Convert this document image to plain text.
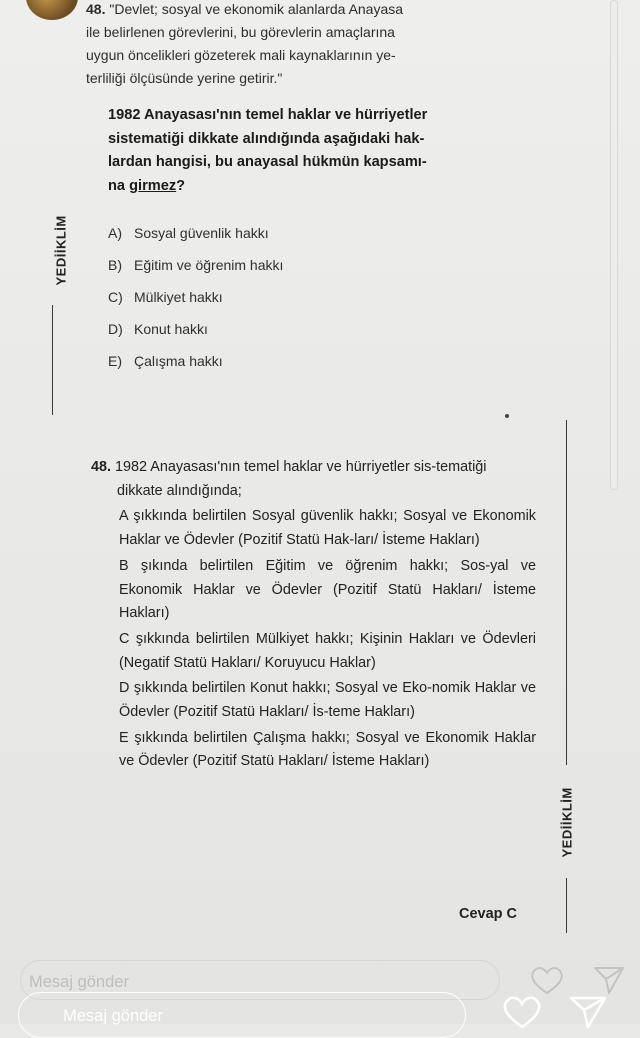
48. "Devlet; sosyal ve ekonomik alanlarda Anayasa

ile belirlenen görevlerini, bu görevlerin amaçlarına

uygun öncelikleri gözeterek mali kaynaklarının ye-

terliliği ölçüsünde yerine getirir."

1982 Anayasası'nın temel haklar ve hürriyetler
sistematiği dikkate alındığında aşağıdaki hak-
lardan hangisi, bu anayasal hükmün kapsamı-
na girmez?
A) Sosyal güvenlik hakkı
B) Eğitim ve öğrenim hakkı
C) Mülkiyet hakkı
D) Konut hakkı
E) Çalışma hakkı
YEDİİKLİM

48. 1982 Anayasası'nın temel haklar ve hürriyetler sis-tematiği dikkate alındığında;

A şıkkında belirtilen Sosyal güvenlik hakkı; Sosyal ve Ekonomik Haklar ve Ödevler (Pozitif Statü Hak-ları/ İsteme Hakları)

B şıkında belirtilen Eğitim ve öğrenim hakkı; Sos-yal ve Ekonomik Haklar ve Ödevler (Pozitif Statü Hakları/ İsteme Hakları)

C şıkkında belirtilen Mülkiyet hakkı; Kişinin Hakları ve Ödevleri (Negatif Statü Hakları/ Koruyucu Haklar)

D şıkkında belirtilen Konut hakkı; Sosyal ve Eko-nomik Haklar ve Ödevler (Pozitif Statü Hakları/ İs-teme Hakları)

E şıkkında belirtilen Çalışma hakkı; Sosyal ve Ekonomik Haklar ve Ödevler (Pozitif Statü Hakları/ İsteme Hakları)

YEDİİKLİM
Cevap C
Mesaj gönder
Mesaj gönder
